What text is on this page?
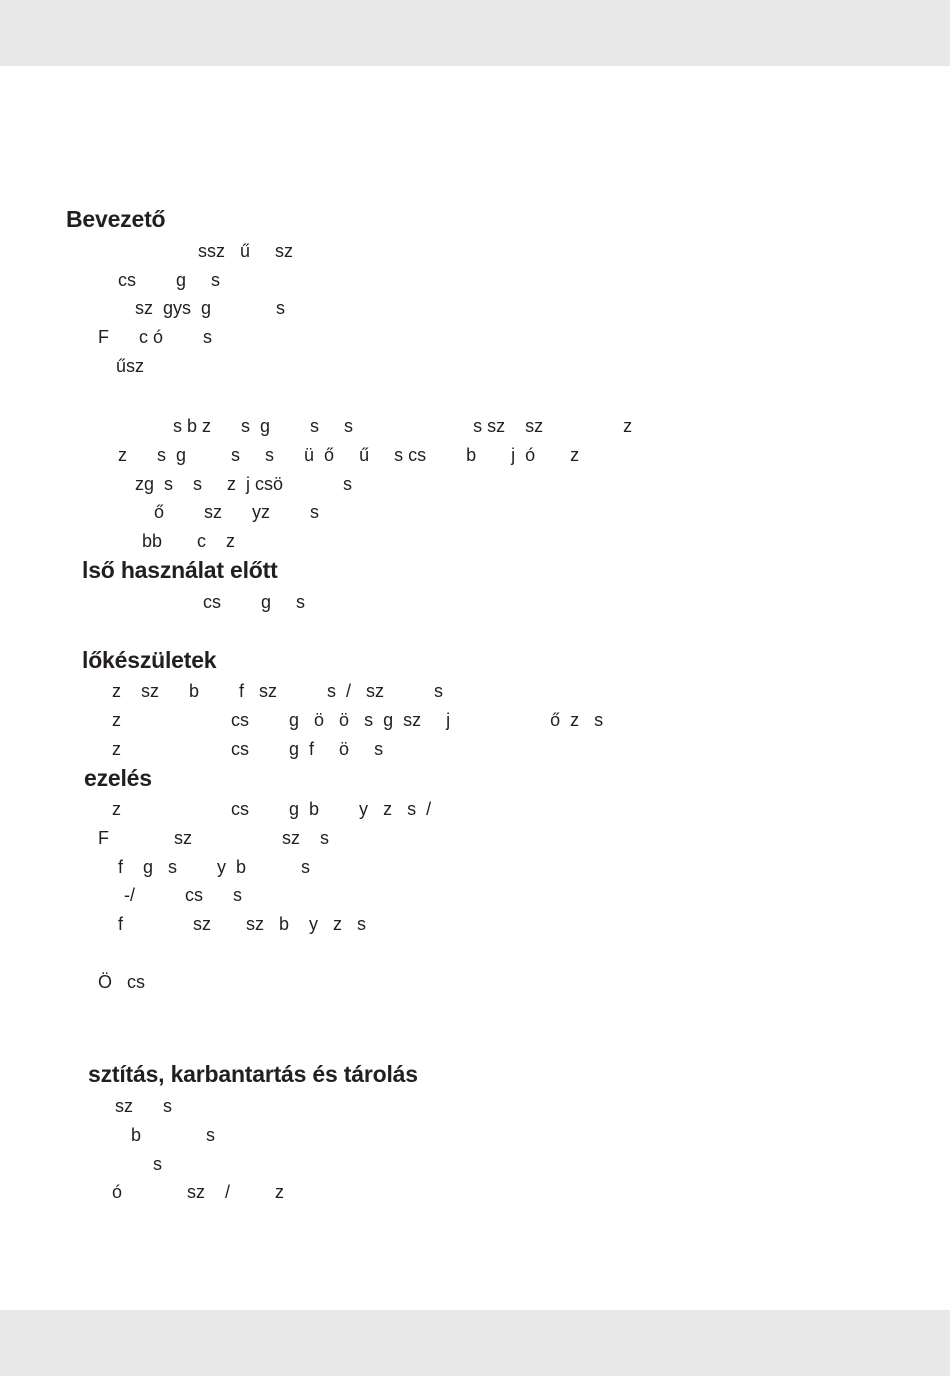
Bevezető
ssz   ű     sz
cs        g     s
sz  gys  g             s
F      c ó        s
űsz
s b z      s  g        s     s                        s sz    sz                z
z      s  g         s     s      ü  ő     ű     s cs        b       j  ó       z
zg  s    s     z  j csö            s
ő        sz      yz        s
bb       c    z
lső használat előtt
cs        g     s
lőkészületek
z    sz      b        f   sz          s  /   sz          s
z                      cs        g   ö   ö   s  g  sz     j                    ő  z   s
z                      cs        g  f     ö     s
ezelés
z                      cs        g  b        y   z   s  /
F             sz                  sz    s
f    g   s        y  b           s
-/          cs      s
f              sz       sz   b    y   z   s
Ö   cs
sztítás, karbantartás és tárolás
sz      s
b             s
s
ó             sz    /         z
